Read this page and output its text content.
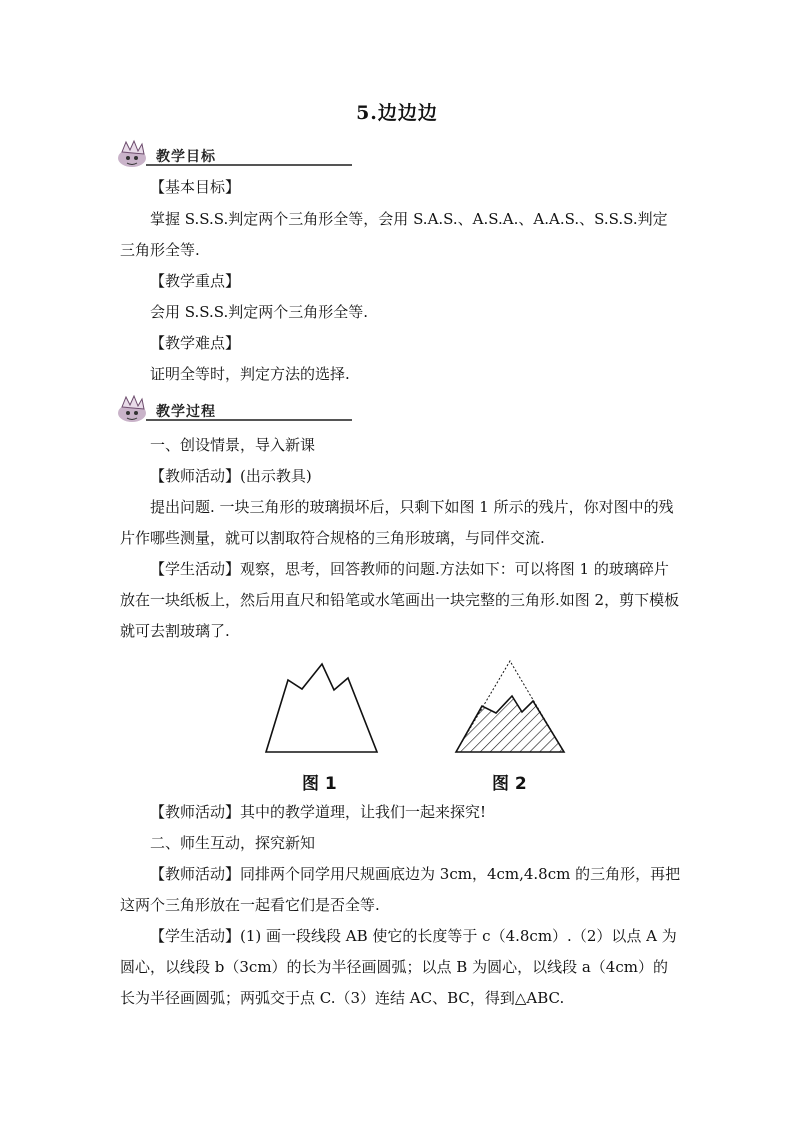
5.边边边
教学目标

【基本目标】

掌握 S.S.S.判定两个三角形全等，会用 S.A.S.、A.S.A.、A.A.S.、S.S.S.判定三角形全等.

【教学重点】

会用 S.S.S.判定两个三角形全等.

【教学难点】

证明全等时，判定方法的选择.

教学过程

一、创设情景，导入新课

【教师活动】(出示教具)

提出问题. 一块三角形的玻璃损坏后，只剩下如图 1 所示的残片，你对图中的残片作哪些测量，就可以割取符合规格的三角形玻璃，与同伴交流.

【学生活动】观察，思考，回答教师的问题.方法如下：可以将图 1 的玻璃碎片放在一块纸板上，然后用直尺和铅笔或水笔画出一块完整的三角形.如图 2，剪下模板就可去割玻璃了.

图 1	图 2

【教师活动】其中的教学道理，让我们一起来探究!

二、师生互动，探究新知

【教师活动】同排两个同学用尺规画底边为 3cm，4cm,4.8cm 的三角形，再把这两个三角形放在一起看它们是否全等.

【学生活动】(1) 画一段线段 AB 使它的长度等于 c（4.8cm）.（2）以点 A 为圆心，以线段 b（3cm）的长为半径画圆弧；以点 B 为圆心，以线段 a（4cm）的长为半径画圆弧；两弧交于点 C.（3）连结 AC、BC，得到△ABC.
